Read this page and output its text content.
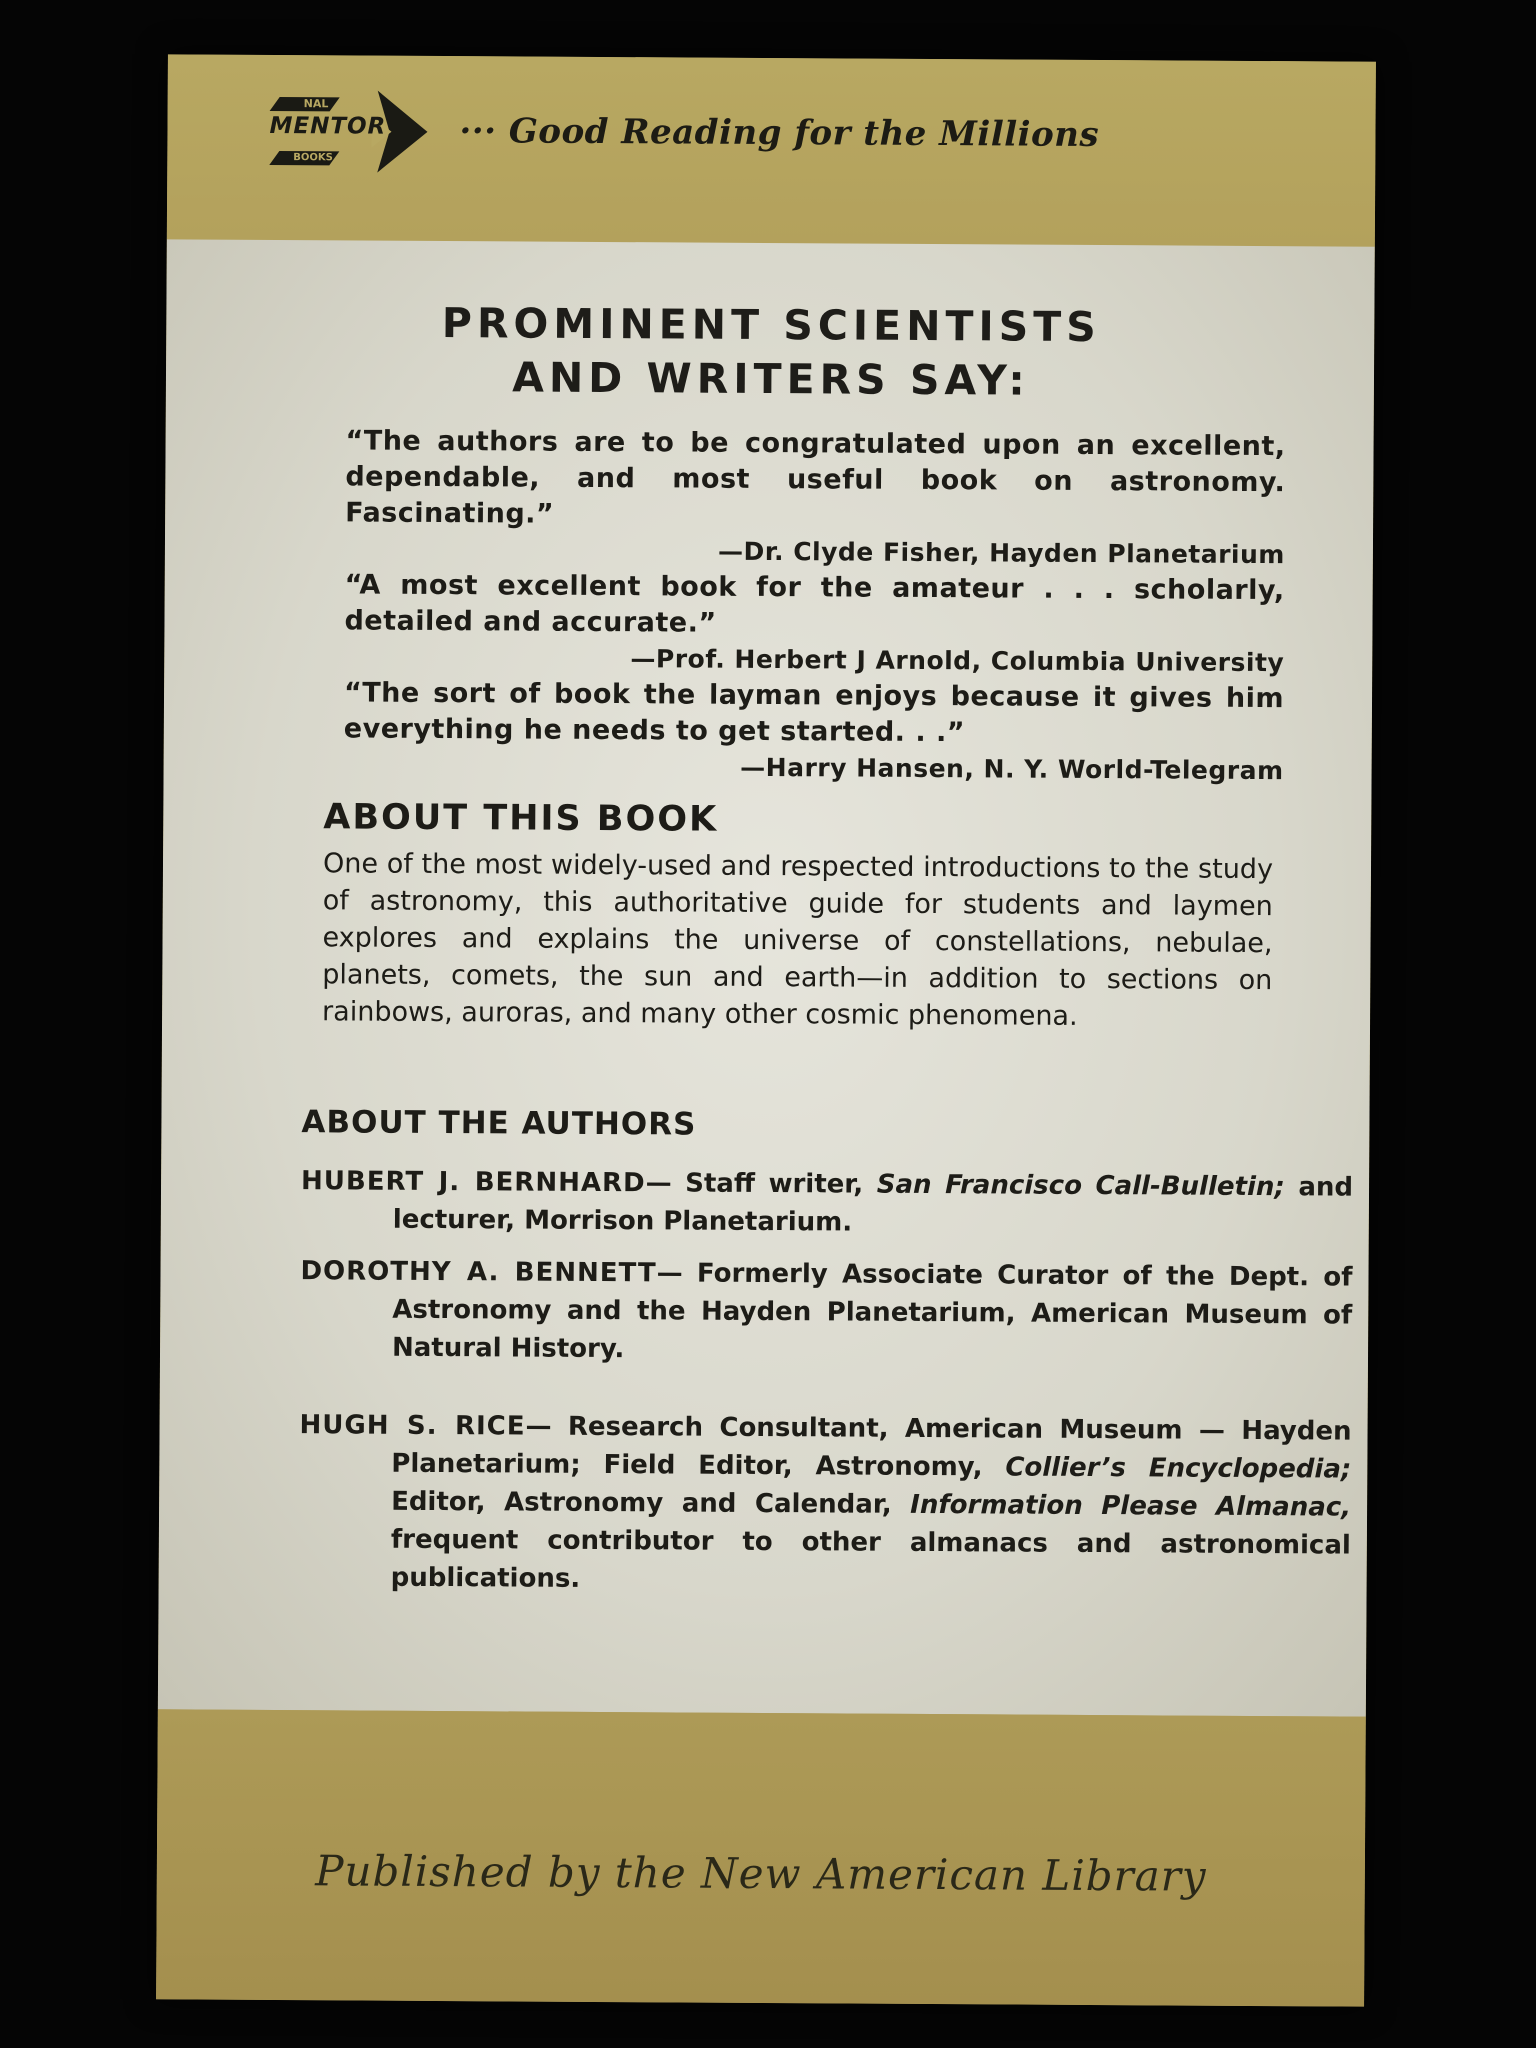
NAL
MENTOR
BOOKS
··· Good Reading for the Millions
PROMINENT SCIENTISTS
AND WRITERS SAY:
“The authors are to be congratulated upon an excellent, dependable, and most useful book on astronomy. Fascinating.”
—Dr. Clyde Fisher, Hayden Planetarium
“A most excellent book for the amateur . . . scholarly, detailed and accurate.”
—Prof. Herbert J Arnold, Columbia University
“The sort of book the layman enjoys because it gives him everything he needs to get started. . .”
—Harry Hansen, N. Y. World-Telegram
ABOUT THIS BOOK
One of the most widely-used and respected introductions to the study of astronomy, this authoritative guide for students and laymen explores and explains the universe of constellations, nebulae, planets, comets, the sun and earth—in addition to sections on rainbows, auroras, and many other cosmic phenomena.
ABOUT THE AUTHORS
HUBERT J. BERNHARD— Staff writer, San Francisco Call-Bulletin; and lecturer, Morrison Planetarium.
DOROTHY A. BENNETT— Formerly Associate Curator of the Dept. of Astronomy and the Hayden Planetarium, American Museum of Natural History.
HUGH S. RICE— Research Consultant, American Museum — Hayden Planetarium; Field Editor, Astronomy, Collier’s Encyclopedia; Editor, Astronomy and Calendar, Information Please Almanac, frequent contributor to other almanacs and astronomical publications.
Published by the New American Library
